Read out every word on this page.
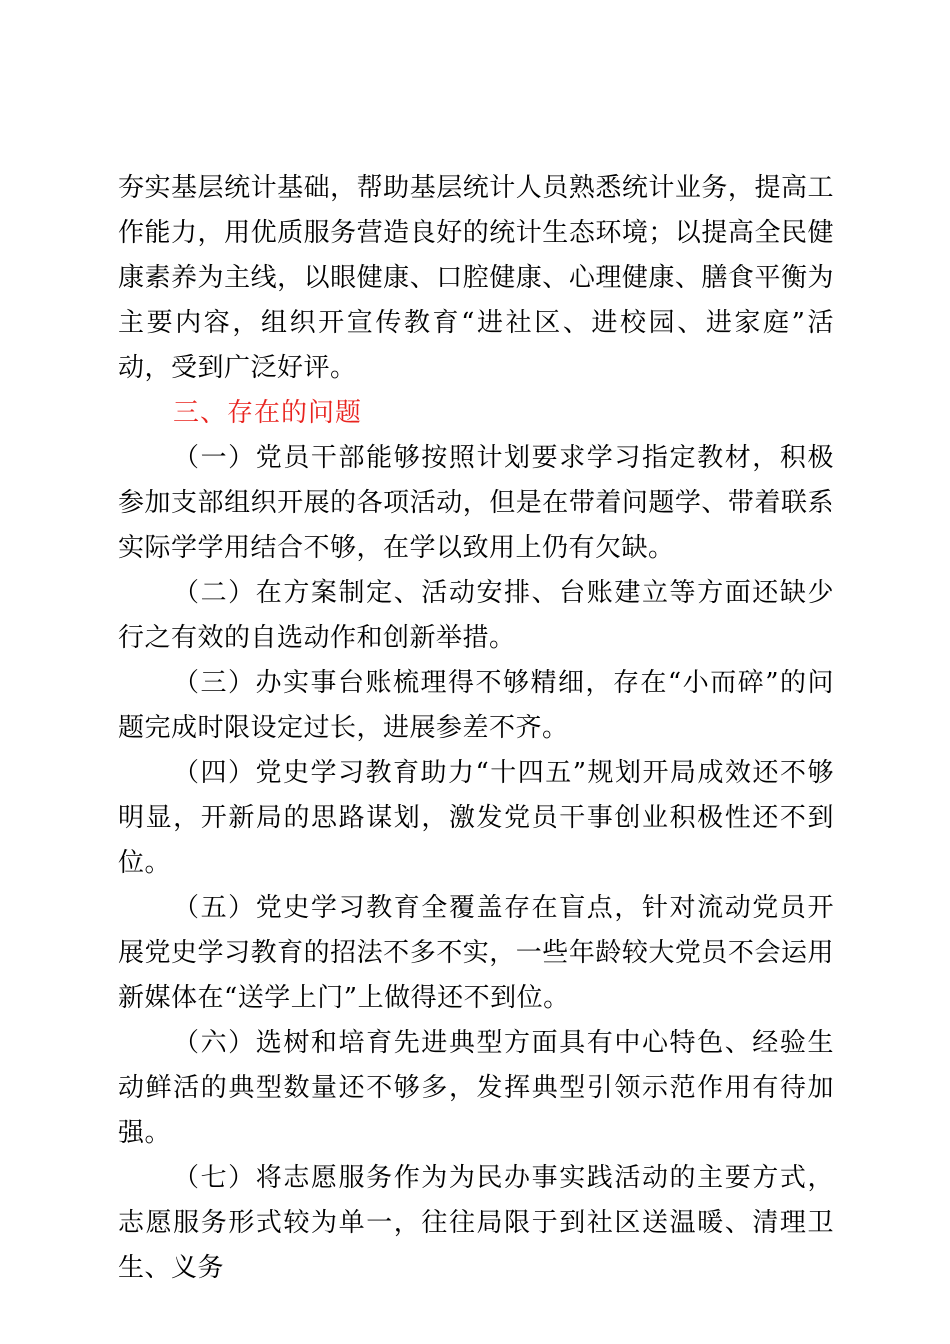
夯实基层统计基础，帮助基层统计人员熟悉统计业务，提高工作能力，用优质服务营造良好的统计生态环境；以提高全民健康素养为主线，以眼健康、口腔健康、心理健康、膳食平衡为主要内容，组织开宣传教育“进社区、进校园、进家庭”活动，受到广泛好评。

三、存在的问题

（一）党员干部能够按照计划要求学习指定教材，积极参加支部组织开展的各项活动，但是在带着问题学、带着联系实际学学用结合不够，在学以致用上仍有欠缺。

（二）在方案制定、活动安排、台账建立等方面还缺少行之有效的自选动作和创新举措。

（三）办实事台账梳理得不够精细，存在“小而碎”的问题完成时限设定过长，进展参差不齐。

（四）党史学习教育助力“十四五”规划开局成效还不够明显，开新局的思路谋划，激发党员干事创业积极性还不到位。

（五）党史学习教育全覆盖存在盲点，针对流动党员开展党史学习教育的招法不多不实，一些年龄较大党员不会运用新媒体在“送学上门”上做得还不到位。

（六）选树和培育先进典型方面具有中心特色、经验生动鲜活的典型数量还不够多，发挥典型引领示范作用有待加强。

（七）将志愿服务作为为民办事实践活动的主要方式，志愿服务形式较为单一，往往局限于到社区送温暖、清理卫生、义务
